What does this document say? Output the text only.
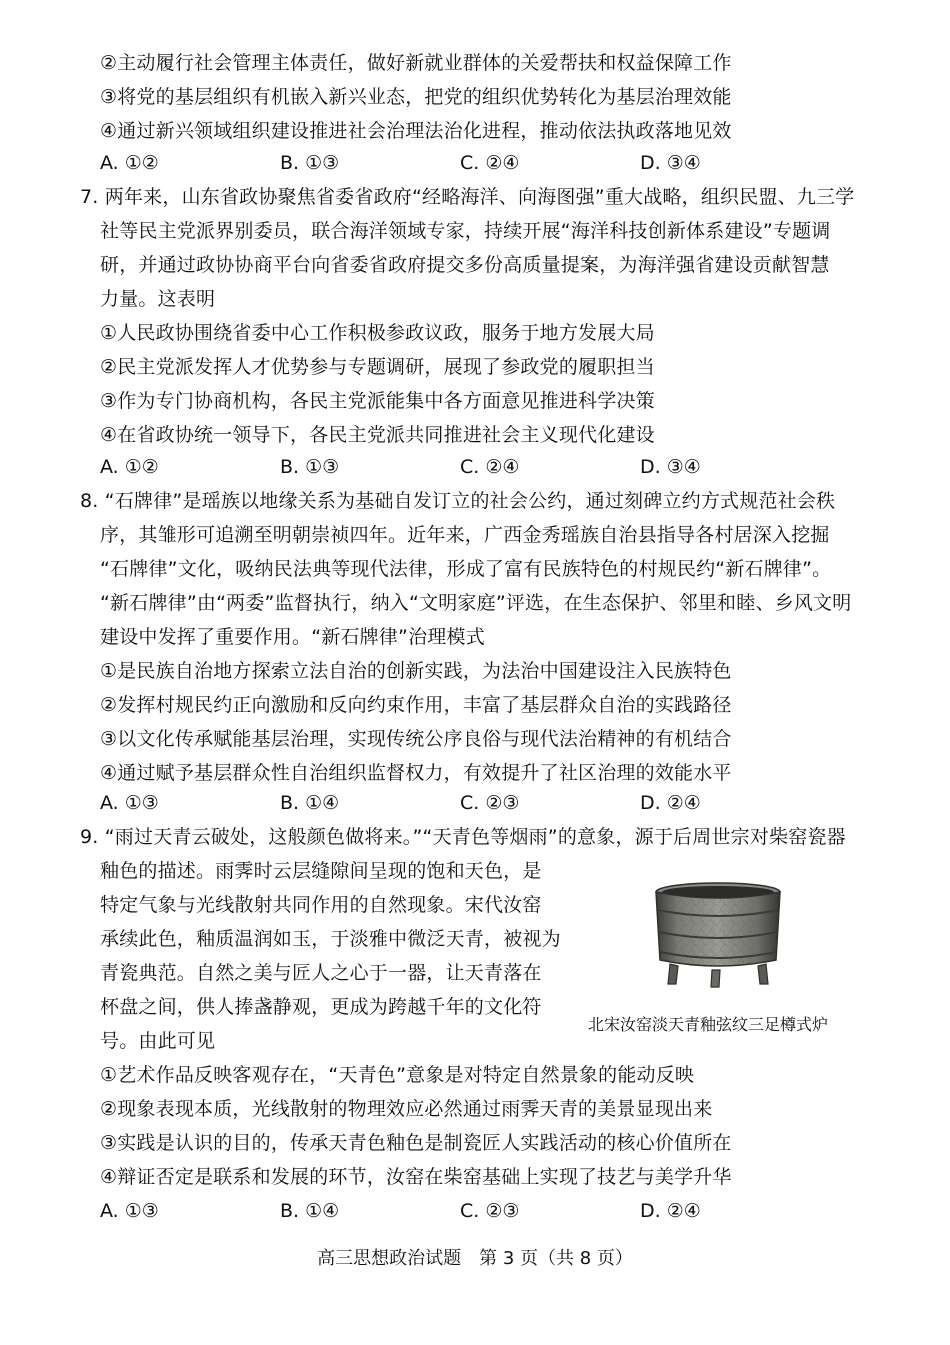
②主动履行社会管理主体责任，做好新就业群体的关爱帮扶和权益保障工作
③将党的基层组织有机嵌入新兴业态，把党的组织优势转化为基层治理效能
④通过新兴领域组织建设推进社会治理法治化进程，推动依法执政落地见效
A. ①②	B. ①③	C. ②④	D. ③④
7. 两年来，山东省政协聚焦省委省政府“经略海洋、向海图强”重大战略，组织民盟、九三学
社等民主党派界别委员，联合海洋领域专家，持续开展“海洋科技创新体系建设”专题调
研，并通过政协协商平台向省委省政府提交多份高质量提案，为海洋强省建设贡献智慧
力量。这表明
①人民政协围绕省委中心工作积极参政议政，服务于地方发展大局
②民主党派发挥人才优势参与专题调研，展现了参政党的履职担当
③作为专门协商机构，各民主党派能集中各方面意见推进科学决策
④在省政协统一领导下，各民主党派共同推进社会主义现代化建设
A. ①②	B. ①③	C. ②④	D. ③④
8. “石牌律”是瑶族以地缘关系为基础自发订立的社会公约，通过刻碑立约方式规范社会秩
序，其雏形可追溯至明朝崇祯四年。近年来，广西金秀瑶族自治县指导各村居深入挖掘
“石牌律”文化，吸纳民法典等现代法律，形成了富有民族特色的村规民约“新石牌律”。
“新石牌律”由“两委”监督执行，纳入“文明家庭”评选，在生态保护、邻里和睦、乡风文明
建设中发挥了重要作用。“新石牌律”治理模式
①是民族自治地方探索立法自治的创新实践，为法治中国建设注入民族特色
②发挥村规民约正向激励和反向约束作用，丰富了基层群众自治的实践路径
③以文化传承赋能基层治理，实现传统公序良俗与现代法治精神的有机结合
④通过赋予基层群众性自治组织监督权力，有效提升了社区治理的效能水平
A. ①③	B. ①④	C. ②③	D. ②④
9. “雨过天青云破处，这般颜色做将来。”“天青色等烟雨”的意象，源于后周世宗对柴窑瓷器
釉色的描述。雨霁时云层缝隙间呈现的饱和天色，是
特定气象与光线散射共同作用的自然现象。宋代汝窑
承续此色，釉质温润如玉，于淡雅中微泛天青，被视为
青瓷典范。自然之美与匠人之心于一器，让天青落在
杯盘之间，供人捧盏静观，更成为跨越千年的文化符
号。由此可见
北宋汝窑淡天青釉弦纹三足樽式炉
①艺术作品反映客观存在，“天青色”意象是对特定自然景象的能动反映
②现象表现本质，光线散射的物理效应必然通过雨霁天青的美景显现出来
③实践是认识的目的，传承天青色釉色是制瓷匠人实践活动的核心价值所在
④辩证否定是联系和发展的环节，汝窑在柴窑基础上实现了技艺与美学升华
A. ①③	B. ①④	C. ②③	D. ②④
高三思想政治试题　第 3 页（共 8 页）
